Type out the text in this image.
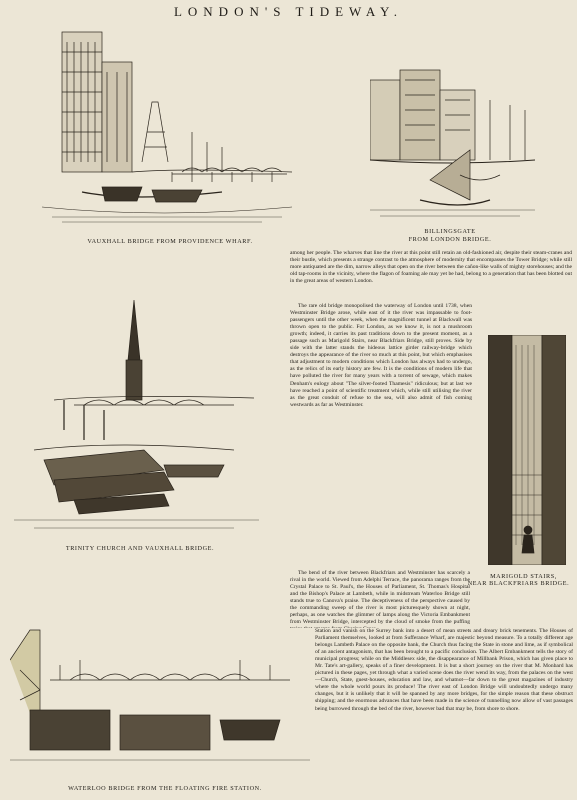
LONDON'S TIDEWAY.
VAUXHALL BRIDGE FROM PROVIDENCE WHARF.
BILLINGSGATE
FROM LONDON BRIDGE.
TRINITY CHURCH AND VAUXHALL BRIDGE.
MARIGOLD STAIRS,
NEAR BLACKFRIARS BRIDGE.
WATERLOO BRIDGE FROM THE FLOATING FIRE STATION.

among her people. The wharves that line the river at this point still retain an old-fashioned air, despite their steam-cranes and their bustle, which presents a strange contrast to the atmosphere of modernity that encompasses the Tower Bridge; while still more antiquated are the dim, narrow alleys that open on the river between the cañon-like walls of mighty storehouses; and the old tap-rooms in the vicinity, where the flagon of foaming ale may yet be had, belong to a generation that has been blotted out in the great areas of western London.

The rare old bridge monopolised the waterway of London until 1738, when Westminster Bridge arose, while east of it the river was impassable to foot-passengers until the other week, when the magnificent tunnel at Blackwall was thrown open to the public. For London, as we know it, is not a mushroom growth; indeed, it carries its past traditions down to the present moment, as a passage such as Marigold Stairs, near Blackfriars Bridge, still proves. Side by side with the latter stands the hideous lattice girder railway-bridge which destroys the appearance of the river so much at this point, but which emphasises that adjustment to modern conditions which London has always had to undergo, as the relics of its early history are few. It is the conditions of modern life that have polluted the river for many years with a torrent of sewage, which makes Denham's eulogy about "The silver-footed Thamesis" ridiculous; but at last we have reached a point of scientific treatment which, while still utilising the river as the great conduit of refuse to the sea, will also admit of fish coming westwards as far as Westminster.

The bend of the river between Blackfriars and Westminster has scarcely a rival in the world. Viewed from Adelphi Terrace, the panorama ranges from the Crystal Palace to St. Paul's, the Houses of Parliament, St. Thomas's Hospital and the Bishop's Palace at Lambeth, while in midstream Waterloo Bridge still stands true to Canova's praise. The deceptiveness of the perspective caused by the commanding sweep of the river is most picturesquely shown at night, perhaps, as one watches the glimmer of lamps along the Victoria Embankment from Westminster Bridge, intercepted by the cloud of smoke from the puffing

Station and vanish on the Surrey bank into a desert of mean streets and dreary brick tenements. The Houses of Parliament themselves, looked at from Sufferance Wharf, are majestic beyond measure. To a totally different age belongs Lambeth Palace on the opposite bank, the Church thus facing the State in stone and lime, as if symbolical of an ancient antagonism, that has been brought to a pacific conclusion. The Albert Embankment tells the story of municipal progress; while on the Middlesex side, the disappearance of Millbank Prison, which has given place to Mr. Tate's art-gallery, speaks of a finer development. It is but a short journey on the river that M. Monbard has pictured in these pages, yet through what a varied scene does the river wend its way, from the palaces on the west—Church, State, guest-houses, education and law, and whatnot—far down to the great magazines of industry where the whole world pours its produce! The river east of London Bridge will undoubtedly undergo many changes, but it is unlikely that it will be spanned by any more bridges, for the simple reason that these obstruct shipping; and the enormous advances that have been made in the science of tunnelling now allow of vast passages being burrowed through the bed of the river, however bad that may be, from shore to shore.
